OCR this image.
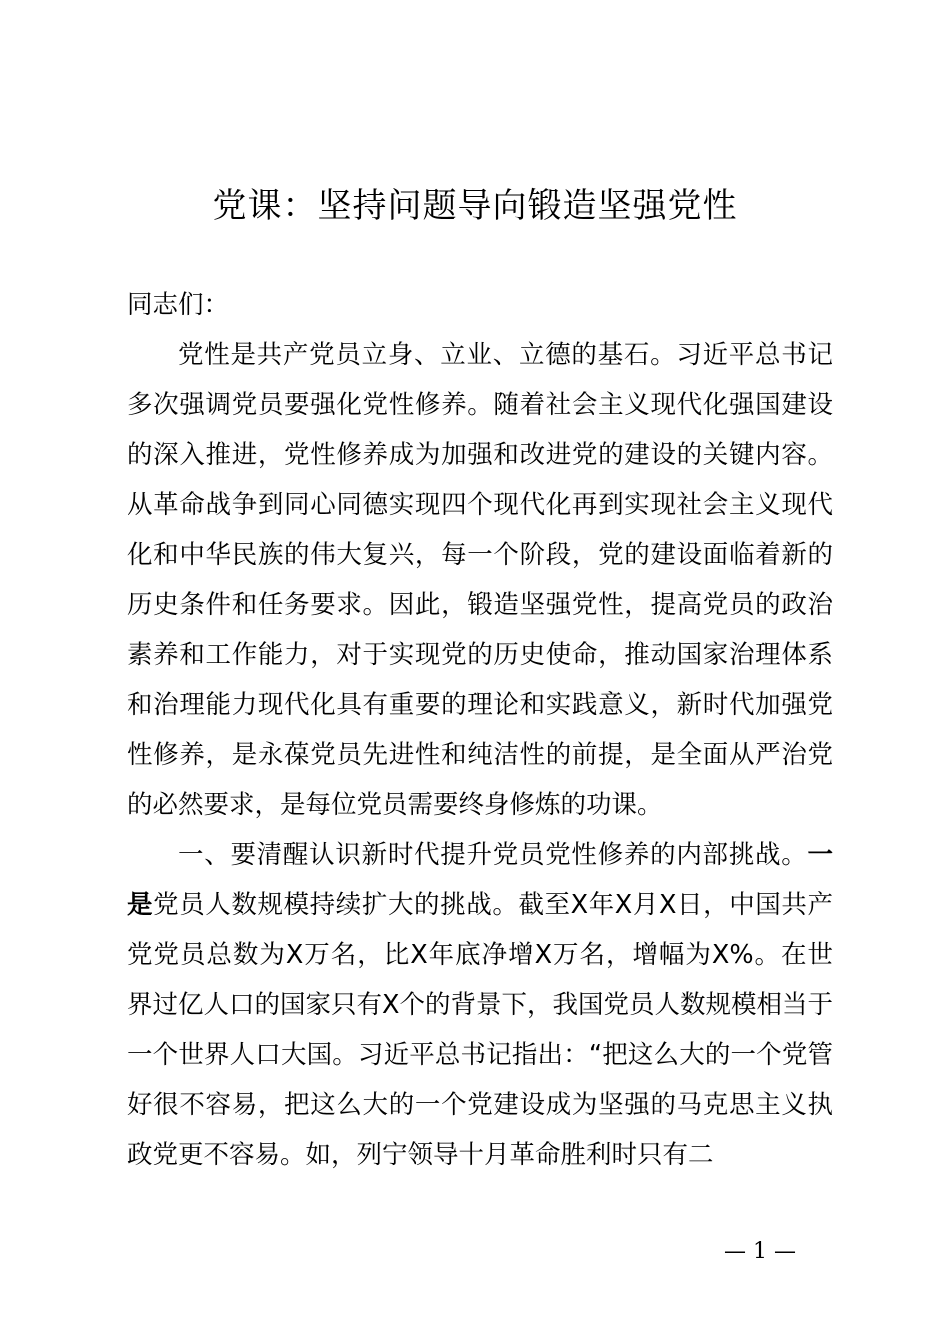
党课：坚持问题导向锻造坚强党性

同志们：

党性是共产党员立身、立业、立德的基石。习近平总书记多次强调党员要强化党性修养。随着社会主义现代化强国建设的深入推进，党性修养成为加强和改进党的建设的关键内容。从革命战争到同心同德实现四个现代化再到实现社会主义现代化和中华民族的伟大复兴，每一个阶段，党的建设面临着新的历史条件和任务要求。因此，锻造坚强党性，提高党员的政治素养和工作能力，对于实现党的历史使命，推动国家治理体系和治理能力现代化具有重要的理论和实践意义，新时代加强党性修养，是永葆党员先进性和纯洁性的前提，是全面从严治党的必然要求，是每位党员需要终身修炼的功课。

一、要清醒认识新时代提升党员党性修养的内部挑战。一是党员人数规模持续扩大的挑战。截至X年X月X日，中国共产党党员总数为X万名，比X年底净增X万名，增幅为X%。在世界过亿人口的国家只有X个的背景下，我国党员人数规模相当于一个世界人口大国。习近平总书记指出：“把这么大的一个党管好很不容易，把这么大的一个党建设成为坚强的马克思主义执政党更不容易。如，列宁领导十月革命胜利时只有二

— 1 —
